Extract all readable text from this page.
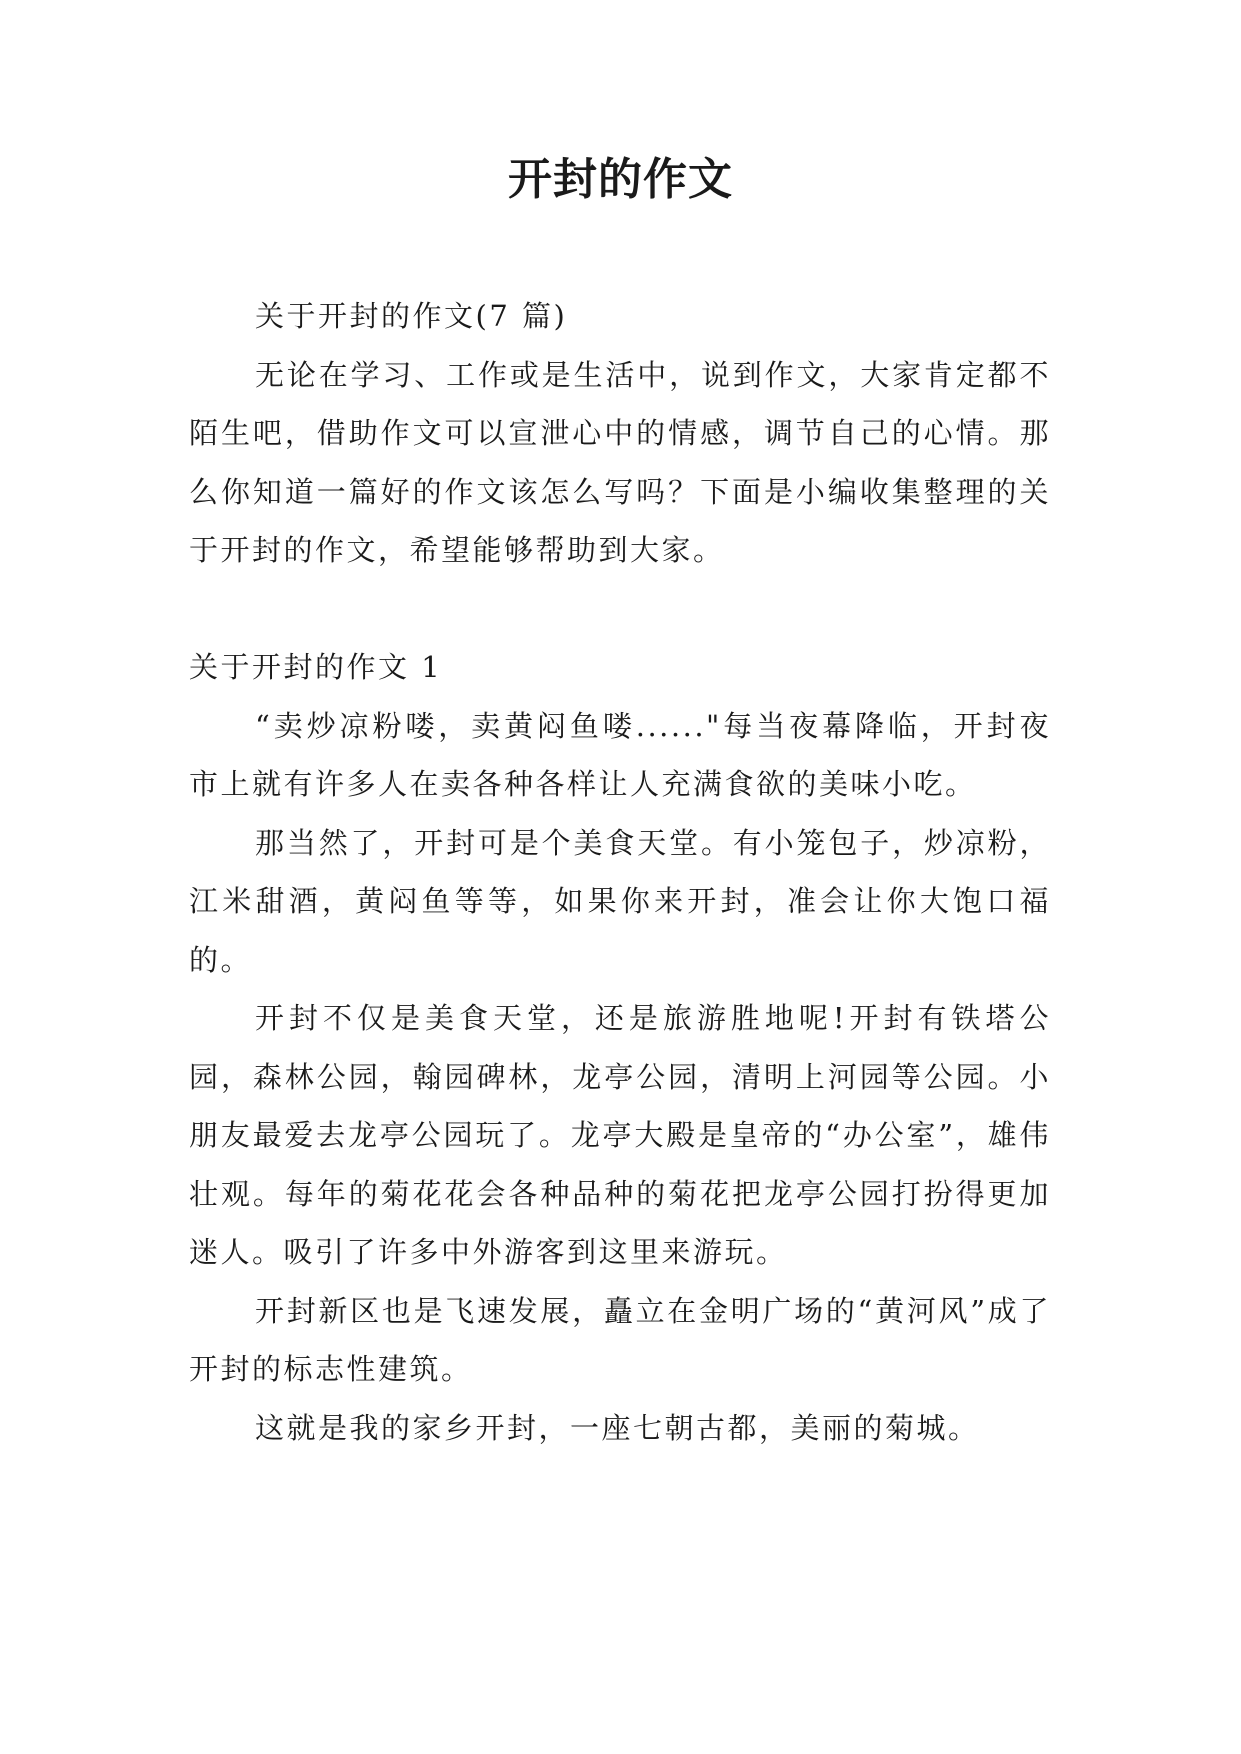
开封的作文

关于开封的作文(7 篇)

无论在学习、工作或是生活中，说到作文，大家肯定都不陌生吧，借助作文可以宣泄心中的情感，调节自己的心情。那么你知道一篇好的作文该怎么写吗？下面是小编收集整理的关于开封的作文，希望能够帮助到大家。

关于开封的作文 1

“卖炒凉粉喽，卖黄闷鱼喽......"每当夜幕降临，开封夜市上就有许多人在卖各种各样让人充满食欲的美味小吃。

那当然了，开封可是个美食天堂。有小笼包子，炒凉粉，江米甜酒，黄闷鱼等等，如果你来开封，准会让你大饱口福的。

开封不仅是美食天堂，还是旅游胜地呢!开封有铁塔公园，森林公园，翰园碑林，龙亭公园，清明上河园等公园。小朋友最爱去龙亭公园玩了。龙亭大殿是皇帝的“办公室”，雄伟壮观。每年的菊花花会各种品种的菊花把龙亭公园打扮得更加迷人。吸引了许多中外游客到这里来游玩。

开封新区也是飞速发展，矗立在金明广场的“黄河风”成了开封的标志性建筑。

这就是我的家乡开封，一座七朝古都，美丽的菊城。
